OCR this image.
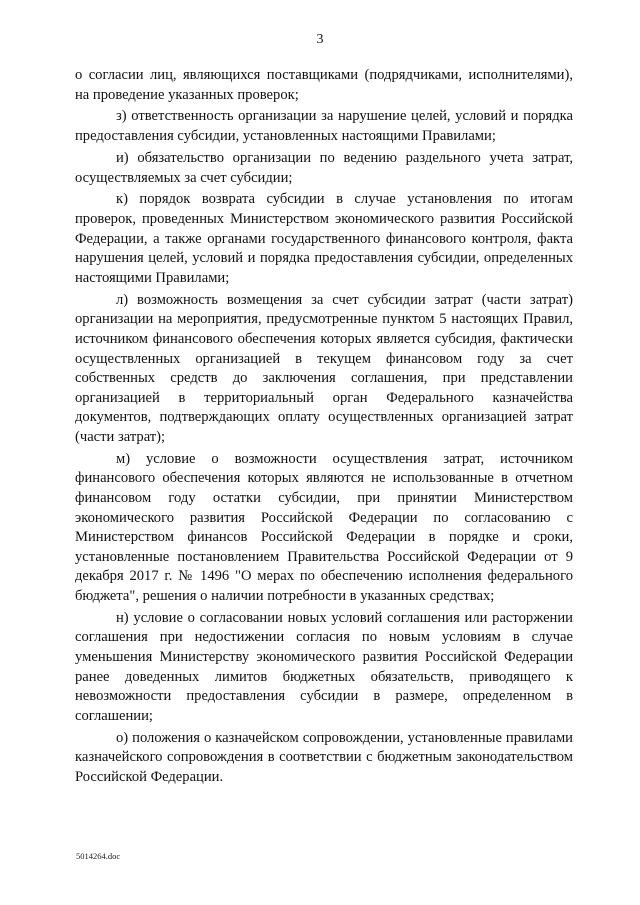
3

о согласии лиц, являющихся поставщиками (подрядчиками, исполнителями), на проведение указанных проверок;

з) ответственность организации за нарушение целей, условий и порядка предоставления субсидии, установленных настоящими Правилами;

и) обязательство организации по ведению раздельного учета затрат, осуществляемых за счет субсидии;

к) порядок возврата субсидии в случае установления по итогам проверок, проведенных Министерством экономического развития Российской Федерации, а также органами государственного финансового контроля, факта нарушения целей, условий и порядка предоставления субсидии, определенных настоящими Правилами;

л) возможность возмещения за счет субсидии затрат (части затрат) организации на мероприятия, предусмотренные пунктом 5 настоящих Правил, источником финансового обеспечения которых является субсидия, фактически осуществленных организацией в текущем финансовом году за счет собственных средств до заключения соглашения, при представлении организацией в территориальный орган Федерального казначейства документов, подтверждающих оплату осуществленных организацией затрат (части затрат);

м) условие о возможности осуществления затрат, источником финансового обеспечения которых являются не использованные в отчетном финансовом году остатки субсидии, при принятии Министерством экономического развития Российской Федерации по согласованию с Министерством финансов Российской Федерации в порядке и сроки, установленные постановлением Правительства Российской Федерации от 9 декабря 2017 г. № 1496 "О мерах по обеспечению исполнения федерального бюджета", решения о наличии потребности в указанных средствах;

н) условие о согласовании новых условий соглашения или расторжении соглашения при недостижении согласия по новым условиям в случае уменьшения Министерству экономического развития Российской Федерации ранее доведенных лимитов бюджетных обязательств, приводящего к невозможности предоставления субсидии в размере, определенном в соглашении;

о) положения о казначейском сопровождении, установленные правилами казначейского сопровождения в соответствии с бюджетным законодательством Российской Федерации.

5014264.doc
